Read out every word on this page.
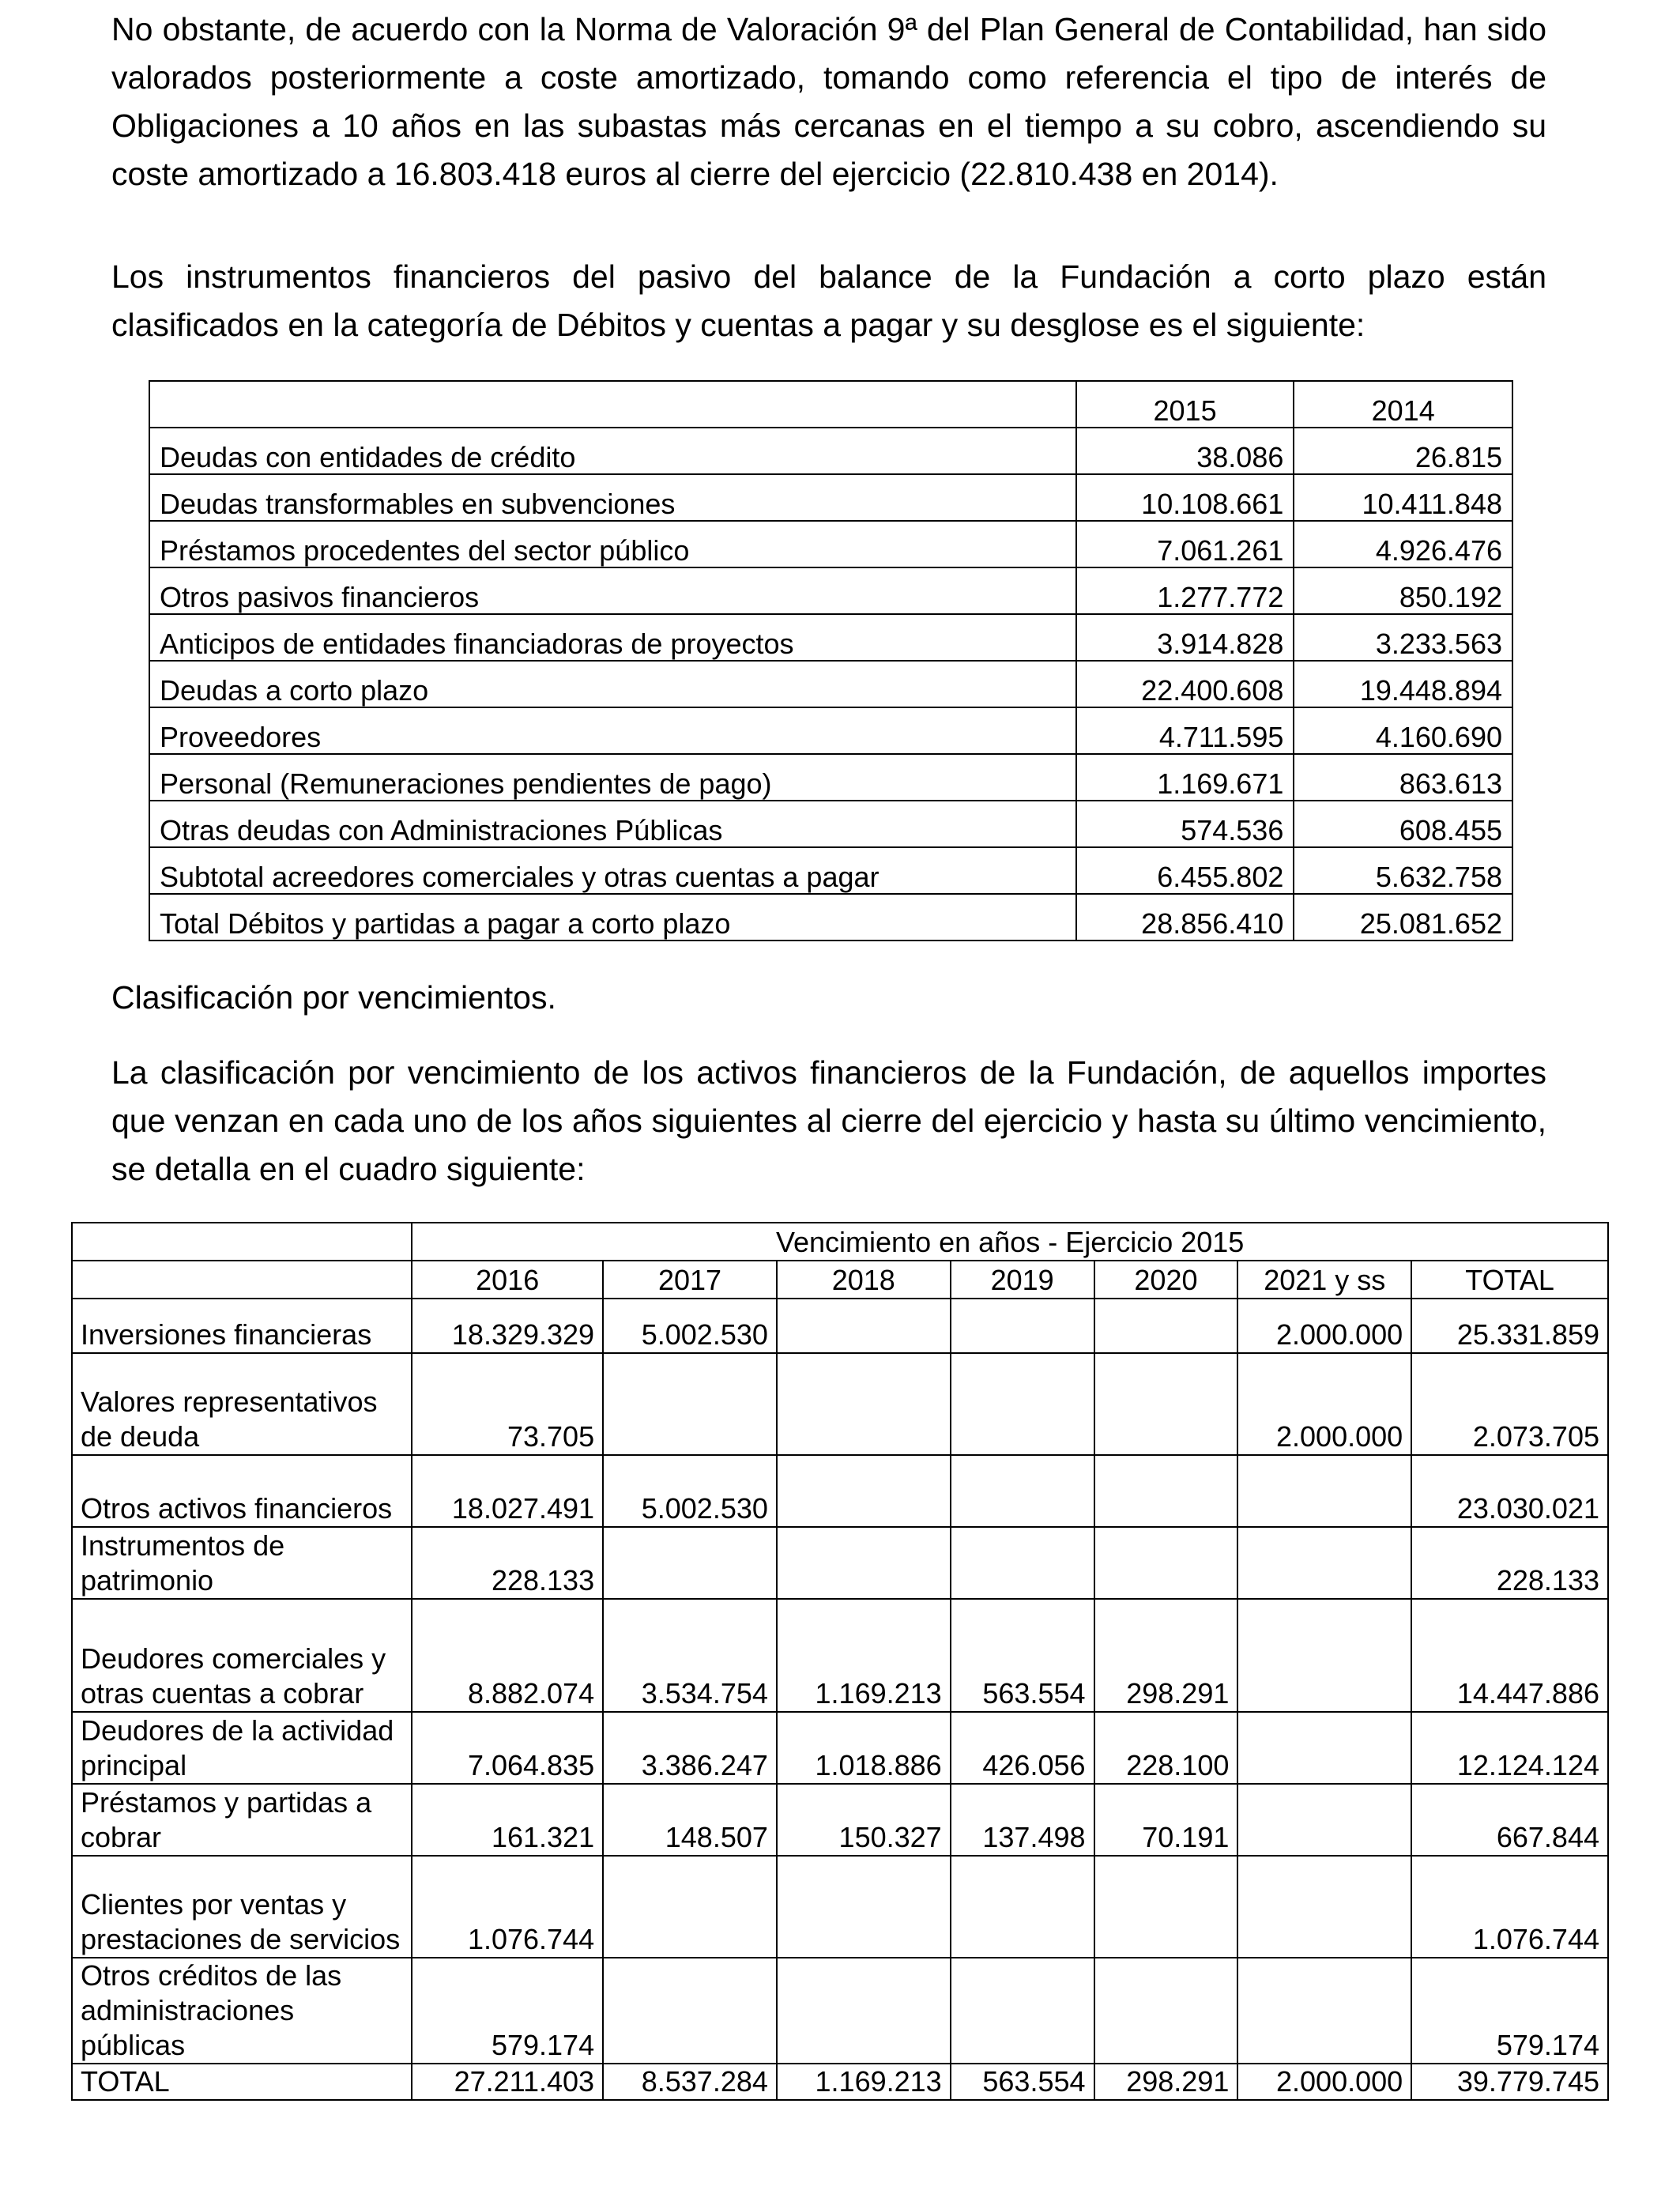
No obstante, de acuerdo con la Norma de Valoración 9ª del Plan General de Contabilidad, han sido valorados posteriormente a coste amortizado, tomando como referencia el tipo de interés de Obligaciones a 10 años en las subastas más cercanas en el tiempo a su cobro, ascendiendo su coste amortizado a 16.803.418 euros al cierre del ejercicio (22.810.438 en 2014).

Los instrumentos financieros del pasivo del balance de la Fundación a corto plazo están clasificados en la categoría de Débitos y cuentas a pagar y su desglose es el siguiente:

	2015	2014
Deudas con entidades de crédito	38.086	26.815
Deudas transformables en subvenciones	10.108.661	10.411.848
Préstamos procedentes del sector público	7.061.261	4.926.476
Otros pasivos financieros	1.277.772	850.192
Anticipos de entidades financiadoras de proyectos	3.914.828	3.233.563
Deudas a corto plazo	22.400.608	19.448.894
Proveedores	4.711.595	4.160.690
Personal (Remuneraciones pendientes de pago)	1.169.671	863.613
Otras deudas con Administraciones Públicas	574.536	608.455
Subtotal acreedores comerciales y otras cuentas a pagar	6.455.802	5.632.758
Total Débitos y partidas a pagar a corto plazo	28.856.410	25.081.652

Clasificación por vencimientos.

La clasificación por vencimiento de los activos financieros de la Fundación, de aquellos importes que venzan en cada uno de los años siguientes al cierre del ejercicio y hasta su último vencimiento, se detalla en el cuadro siguiente:

	Vencimiento en años - Ejercicio 2015						
	2016	2017	2018	2019	2020	2021 y ss	TOTAL
Inversiones financieras	18.329.329	5.002.530				2.000.000	25.331.859
Valores representativos de deuda	73.705					2.000.000	2.073.705
Otros activos financieros	18.027.491	5.002.530					23.030.021
Instrumentos de patrimonio	228.133						228.133
Deudores comerciales y otras cuentas a cobrar	8.882.074	3.534.754	1.169.213	563.554	298.291		14.447.886
Deudores de la actividad principal	7.064.835	3.386.247	1.018.886	426.056	228.100		12.124.124
Préstamos y partidas a cobrar	161.321	148.507	150.327	137.498	70.191		667.844
Clientes por ventas y prestaciones de servicios	1.076.744						1.076.744
Otros créditos de las administraciones públicas	579.174						579.174
TOTAL	27.211.403	8.537.284	1.169.213	563.554	298.291	2.000.000	39.779.745
